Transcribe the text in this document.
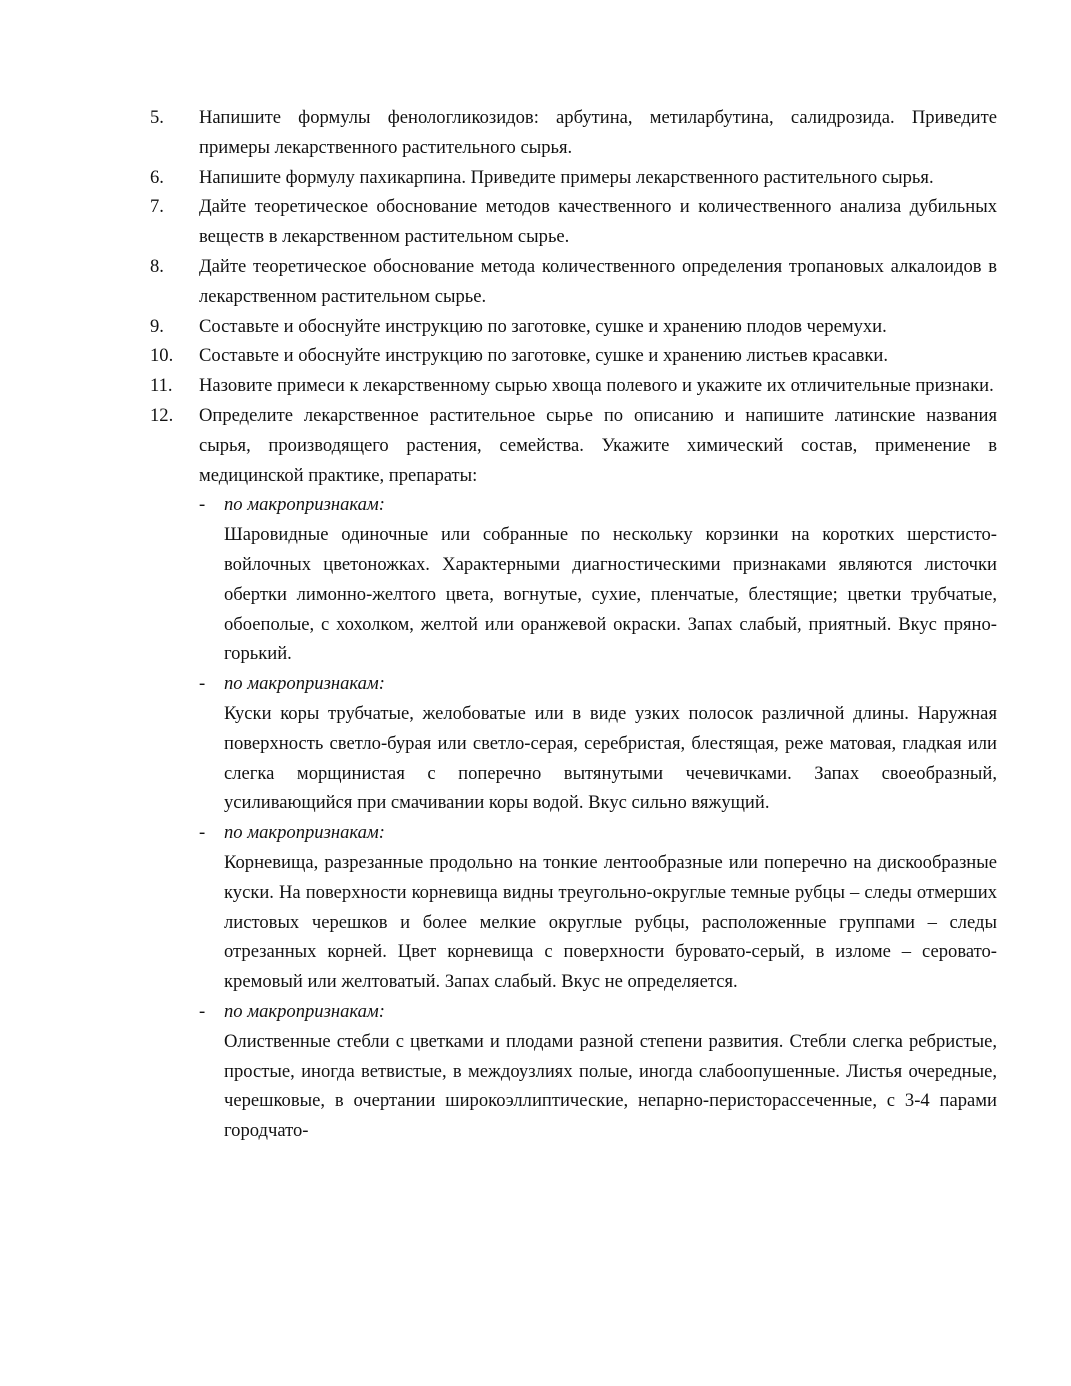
5.	Напишите формулы фенологликозидов: арбутина, метиларбутина, салидрозида. Приведите примеры лекарственного растительного сырья.
6.	Напишите формулу пахикарпина. Приведите примеры лекарственного растительного сырья.
7.	Дайте теоретическое обоснование методов качественного и количественного анализа дубильных веществ в лекарственном растительном сырье.
8.	Дайте теоретическое обоснование метода количественного определения тропановых алкалоидов в лекарственном растительном сырье.
9.	Составьте и обоснуйте инструкцию по заготовке, сушке и хранению плодов черемухи.
10.	Составьте и обоснуйте инструкцию по заготовке, сушке и хранению листьев красавки.
11.	Назовите примеси к лекарственному сырью хвоща полевого и укажите их отличительные признаки.
12.	Определите лекарственное растительное сырье по описанию и напишите латинские названия сырья, производящего растения, семейства. Укажите химический состав, применение в медицинской практике, препараты:
-	по макропризнакам:
Шаровидные одиночные или собранные по нескольку корзинки на коротких шерстисто-войлочных цветоножках. Характерными диагностическими признаками являются листочки обертки лимонно-желтого цвета, вогнутые, сухие, пленчатые, блестящие; цветки трубчатые, обоеполые, с хохолком, желтой или оранжевой окраски. Запах слабый, приятный. Вкус пряно-горький.
-	по макропризнакам:
Куски коры трубчатые, желобоватые или в виде узких полосок различной длины. Наружная поверхность светло-бурая или светло-серая, серебристая, блестящая, реже матовая, гладкая или слегка морщинистая с поперечно вытянутыми чечевичками. Запах своеобразный, усиливающийся при смачивании коры водой. Вкус сильно вяжущий.
-	по макропризнакам:
Корневища, разрезанные продольно на тонкие лентообразные или поперечно на дискообразные куски. На поверхности корневища видны треугольно-округлые темные рубцы – следы отмерших листовых черешков и более мелкие округлые рубцы, расположенные группами – следы отрезанных корней. Цвет корневища с поверхности буровато-серый, в изломе – серовато-кремовый или желтоватый. Запах слабый. Вкус не определяется.
-	по макропризнакам:
Олиственные стебли с цветками и плодами разной степени развития. Стебли слегка ребристые, простые, иногда ветвистые, в междоузлиях полые, иногда слабоопушенные. Листья очередные, черешковые, в очертании широкоэллиптические, непарно-перисторассеченные, с 3-4 парами городчато-
